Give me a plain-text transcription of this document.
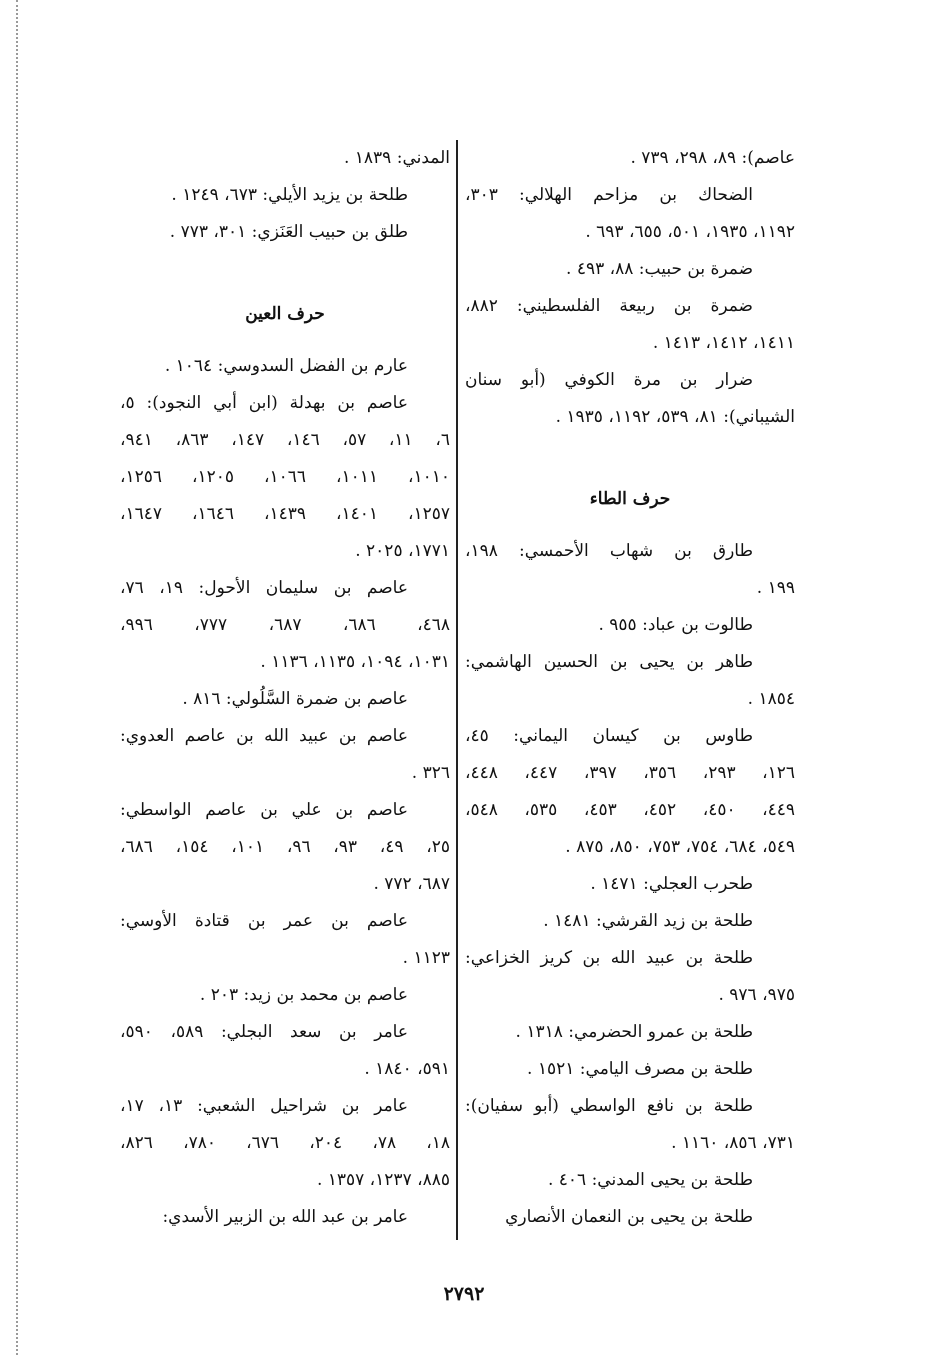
عاصم): ٨٩، ٢٩٨، ٧٣٩ .
الضحاك بن مزاحم الهلالي: ٣٠٣،
١١٩٢، ١٩٣٥، ٥٠١، ٦٥٥، ٦٩٣ .
ضمرة بن حبيب: ٨٨، ٤٩٣ .
ضمرة بن ربيعة الفلسطيني: ٨٨٢،
١٤١١، ١٤١٢، ١٤١٣ .
ضرار بن مرة الكوفي (أبو سنان
الشيباني): ٨١، ٥٣٩، ١١٩٢، ١٩٣٥ .
حرف الطاء
طارق بن شهاب الأحمسي: ١٩٨،
١٩٩ .
طالوت بن عباد: ٩٥٥ .
طاهر بن يحيى بن الحسين الهاشمي:
١٨٥٤ .
طاوس بن كيسان اليماني: ٤٥،
١٢٦، ٢٩٣، ٣٥٦، ٣٩٧، ٤٤٧، ٤٤٨،
٤٤٩، ٤٥٠، ٤٥٢، ٤٥٣، ٥٣٥، ٥٤٨،
٥٤٩، ٦٨٤، ٧٥٤، ٧٥٣، ٨٥٠، ٨٧٥ .
طحرب العجلي: ١٤٧١ .
طلحة بن زيد القرشي: ١٤٨١ .
طلحة بن عبيد الله بن كريز الخزاعي:
٩٧٥، ٩٧٦ .
طلحة بن عمرو الحضرمي: ١٣١٨ .
طلحة بن مصرف اليامي: ١٥٢١ .
طلحة بن نافع الواسطي (أبو سفيان):
٧٣١، ٨٥٦، ١١٦٠ .
طلحة بن يحيى المدني: ٤٠٦ .
طلحة بن يحيى بن النعمان الأنصاري
المدني: ١٨٣٩ .
طلحة بن يزيد الأيلي: ٦٧٣، ١٢٤٩ .
طلق بن حبيب العَنَزي: ٣٠١، ٧٧٣ .
حرف العين
عارم بن الفضل السدوسي: ١٠٦٤ .
عاصم بن بهدلة (ابن أبي النجود): ٥،
٦، ١١، ٥٧، ١٤٦، ١٤٧، ٨٦٣، ٩٤١،
١٠١٠، ١٠١١، ١٠٦٦، ١٢٠٥، ١٢٥٦،
١٢٥٧، ١٤٠١، ١٤٣٩، ١٦٤٦، ١٦٤٧،
١٧٧١، ٢٠٢٥ .
عاصم بن سليمان الأحول: ١٩، ٧٦،
٤٦٨، ٦٨٦، ٦٨٧، ٧٧٧، ٩٩٦،
١٠٣١، ١٠٩٤، ١١٣٥، ١١٣٦ .
عاصم بن ضمرة السَّلُولي: ٨١٦ .
عاصم بن عبيد الله بن عاصم العدوي:
٣٢٦ .
عاصم بن علي بن عاصم الواسطي:
٢٥، ٤٩، ٩٣، ٩٦، ١٠١، ١٥٤، ٦٨٦،
٦٨٧، ٧٧٢ .
عاصم بن عمر بن قتادة الأوسي:
١١٢٣ .
عاصم بن محمد بن زيد: ٢٠٣ .
عامر بن سعد البجلي: ٥٨٩، ٥٩٠،
٥٩١، ١٨٤٠ .
عامر بن شراحيل الشعبي: ١٣، ١٧،
١٨، ٧٨، ٢٠٤، ٦٧٦، ٧٨٠، ٨٢٦،
٨٨٥، ١٢٣٧، ١٣٥٧ .
عامر بن عبد الله بن الزبير الأسدي:
٢٧٩٢
